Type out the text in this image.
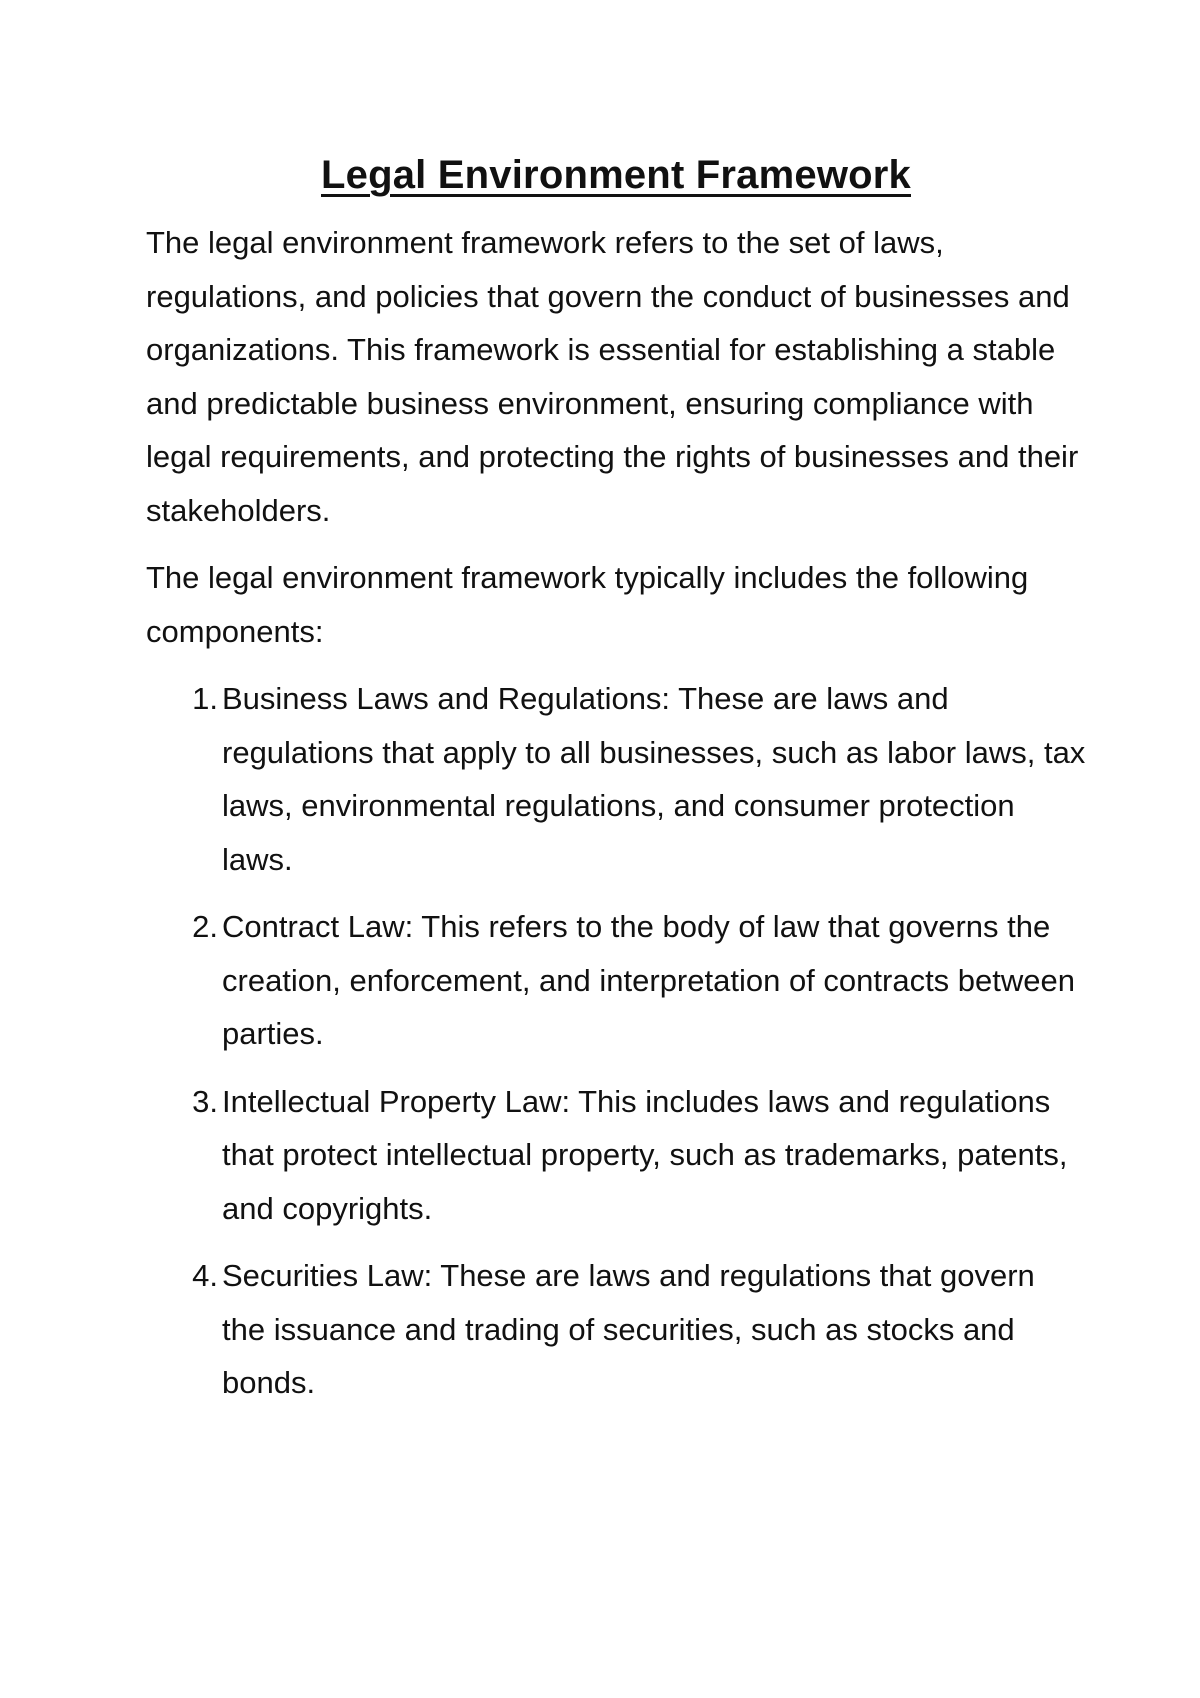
Legal Environment Framework

The legal environment framework refers to the set of laws, regulations, and policies that govern the conduct of businesses and organizations. This framework is essential for establishing a stable and predictable business environment, ensuring compliance with legal requirements, and protecting the rights of businesses and their stakeholders.

The legal environment framework typically includes the following components:

1. Business Laws and Regulations: These are laws and regulations that apply to all businesses, such as labor laws, tax laws, environmental regulations, and consumer protection laws.
2. Contract Law: This refers to the body of law that governs the creation, enforcement, and interpretation of contracts between parties.
3. Intellectual Property Law: This includes laws and regulations that protect intellectual property, such as trademarks, patents, and copyrights.
4. Securities Law: These are laws and regulations that govern the issuance and trading of securities, such as stocks and bonds.
